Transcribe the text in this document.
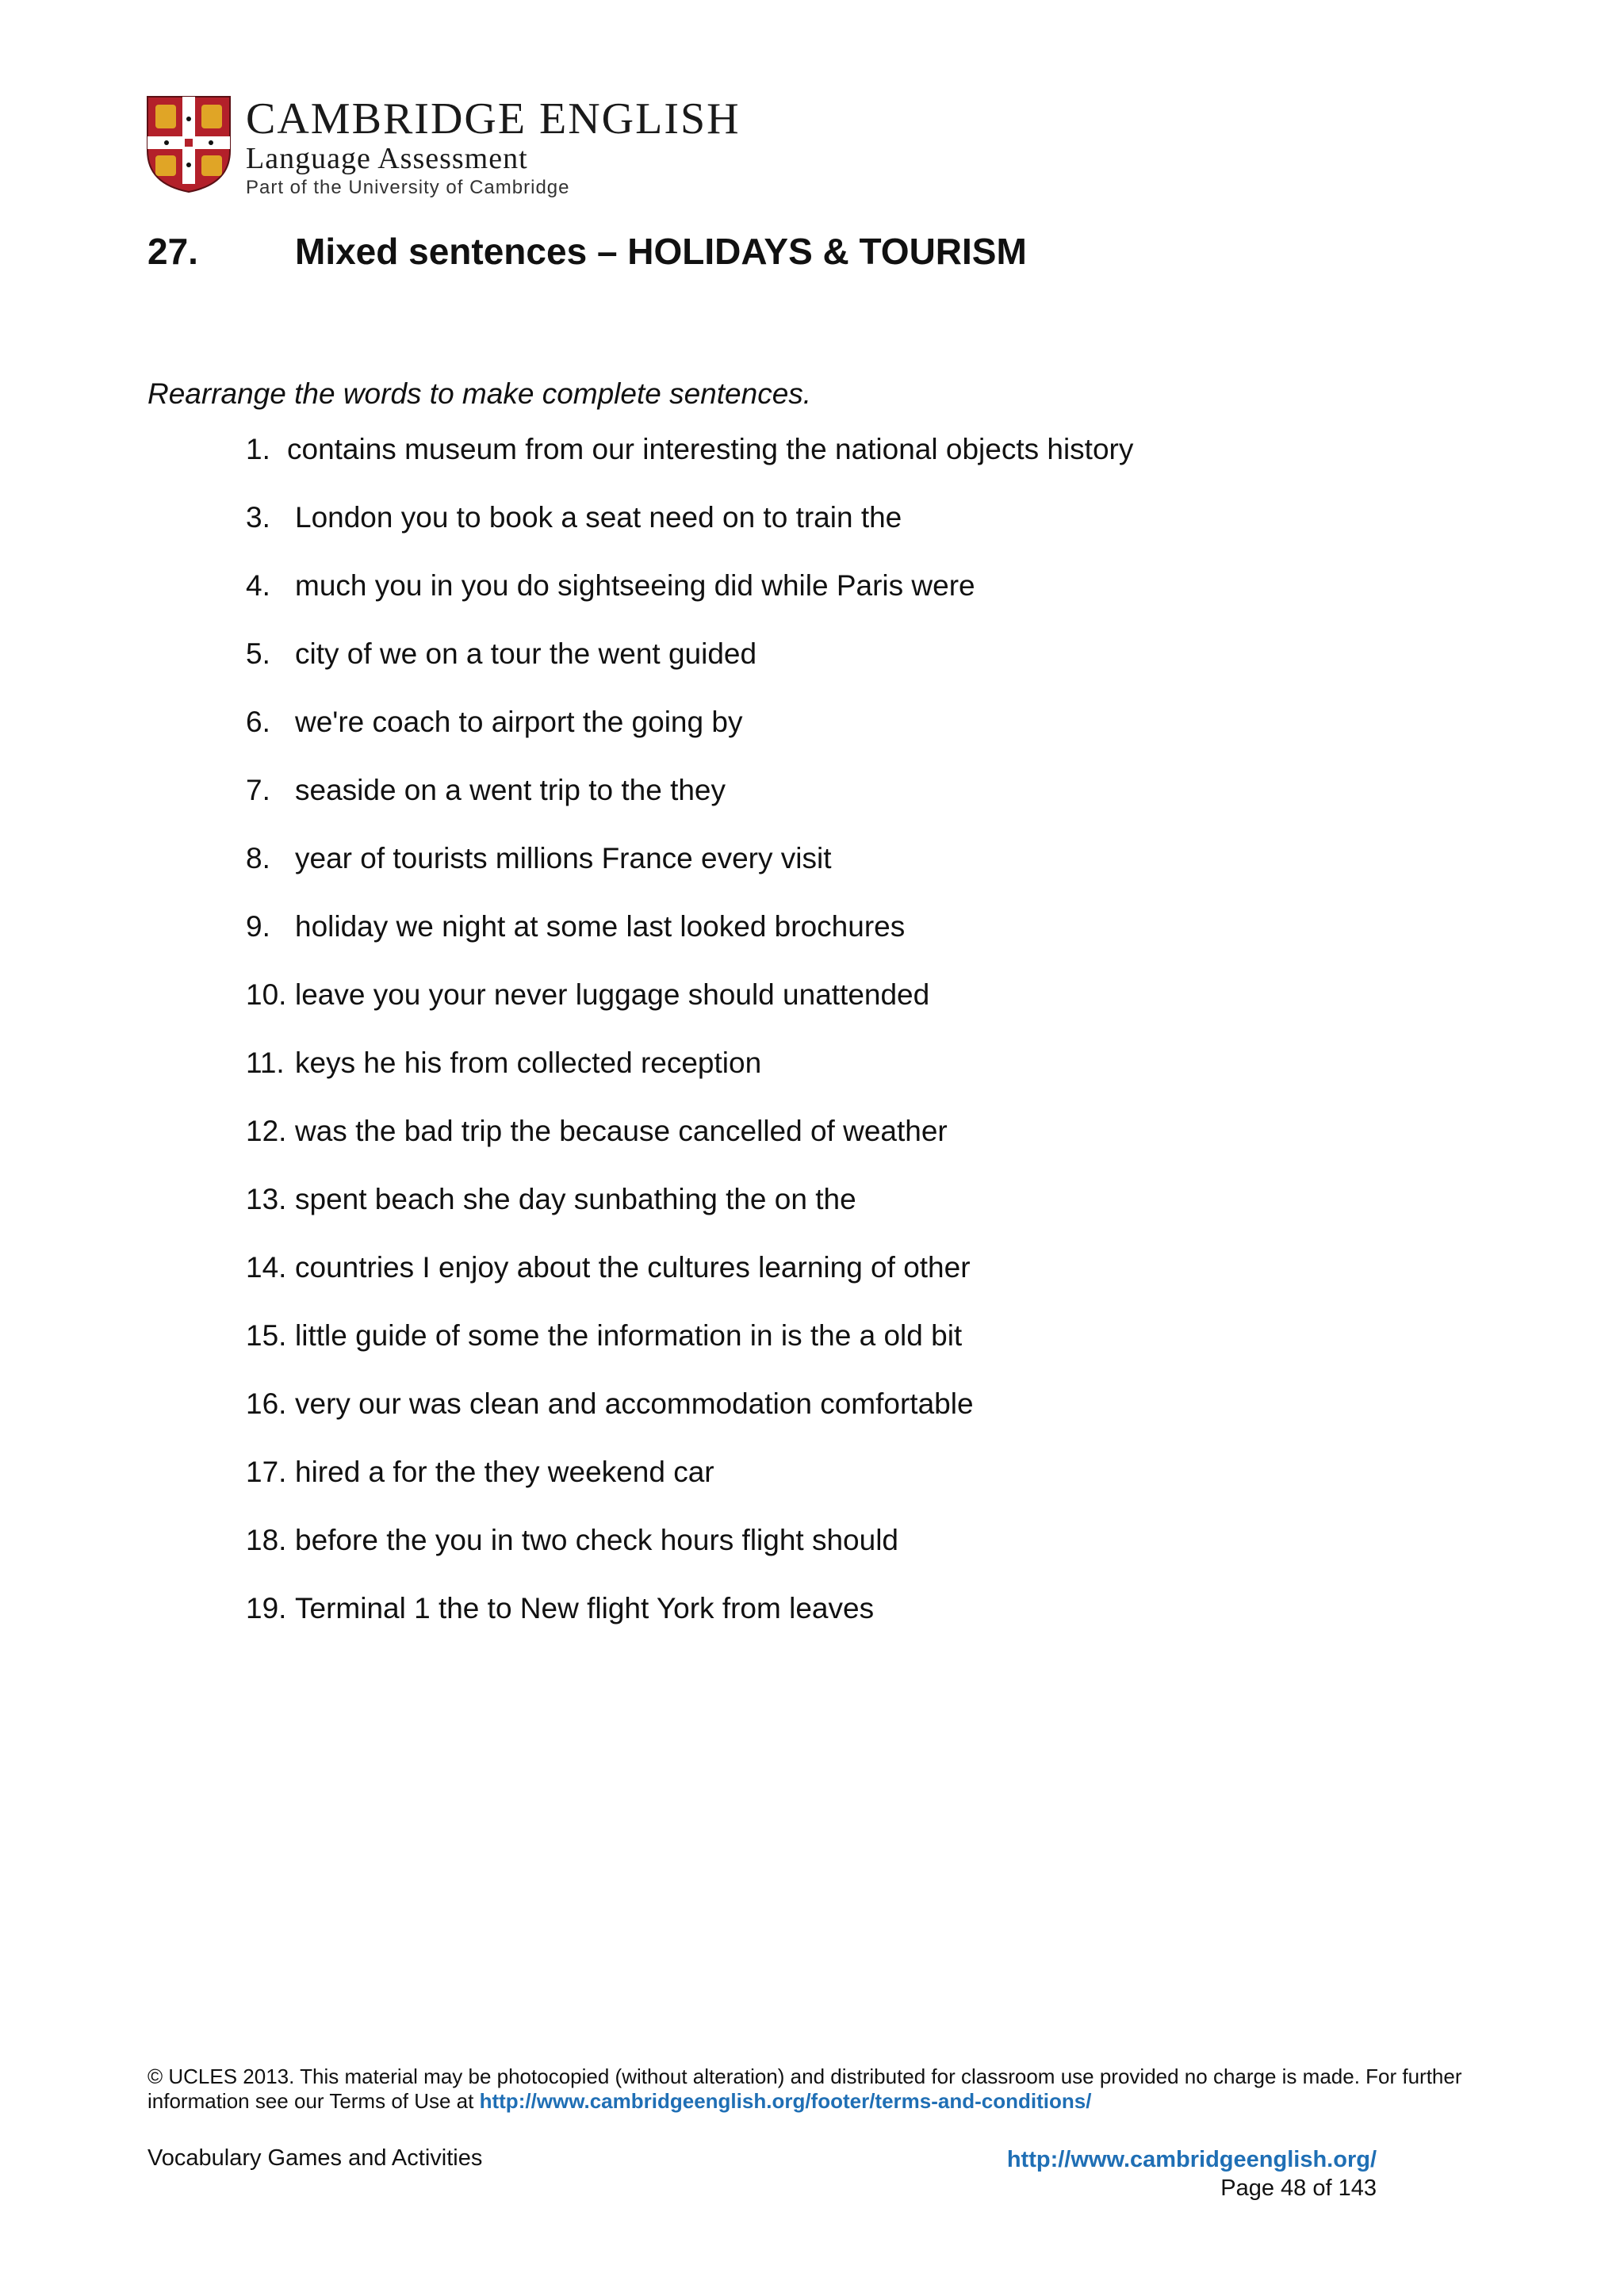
CAMBRIDGE ENGLISH
Language Assessment
Part of the University of Cambridge
27.	Mixed sentences – HOLIDAYS & TOURISM
Rearrange the words to make complete sentences.
1. contains museum from our interesting the national objects history
3. London you to book a seat need on to train the
4. much you in you do sightseeing did while Paris were
5. city of we on a tour the went guided
6. we're coach to airport the going by
7. seaside on a went trip to the they
8. year of tourists millions France every visit
9. holiday we night at some last looked brochures
10. leave you your never luggage should unattended
11. keys he his from collected reception
12. was the bad trip the because cancelled of weather
13. spent beach she day sunbathing the on the
14. countries I enjoy about the cultures learning of other
15. little guide of some the information in is the a old bit
16. very our was clean and accommodation comfortable
17. hired a for the they weekend car
18. before the you in two check hours flight should
19. Terminal 1 the to New flight York from leaves
© UCLES 2013. This material may be photocopied (without alteration) and distributed for classroom use provided no charge is made. For further information see our Terms of Use at http://www.cambridgeenglish.org/footer/terms-and-conditions/
Vocabulary Games and Activities	http://www.cambridgeenglish.org/
Page 48 of 143
